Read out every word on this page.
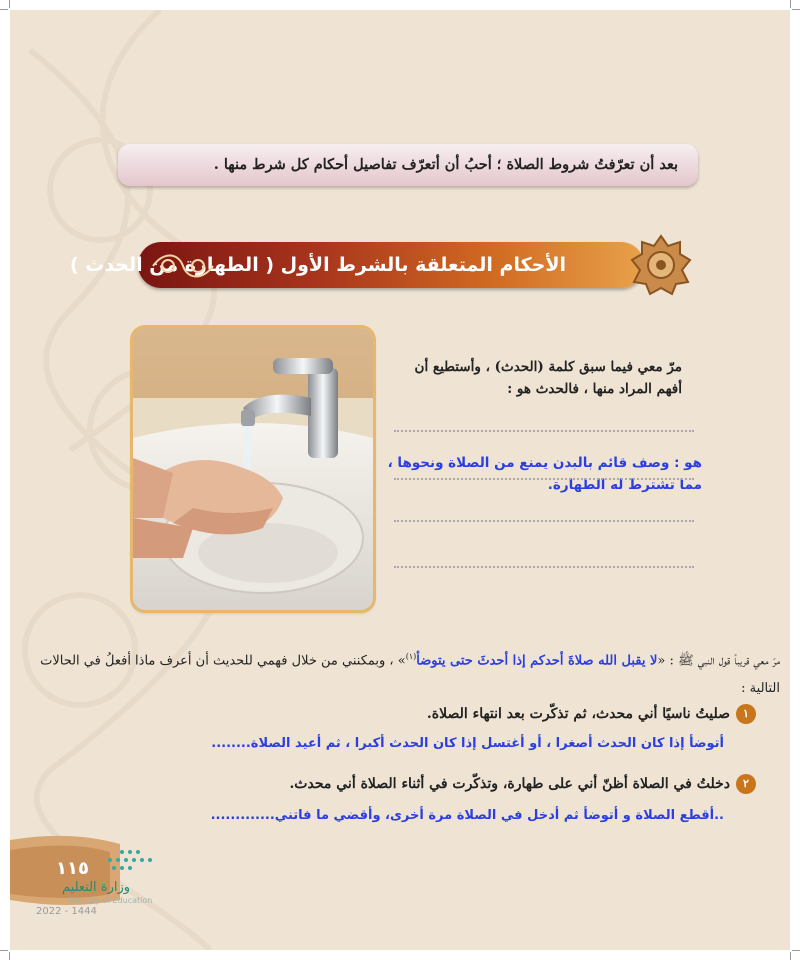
بعد أن تعرّفتُ شروط الصلاة ؛ أحبُ أن أتعرّف تفاصيل أحكام كل شرط منها .
الأحكام المتعلقة بالشرط الأول ( الطهارة من الحدث )
مرّ معي فيما سبق كلمة (الحدث) ، وأستطيع أن أفهم المراد منها ، فالحدث هو :
هو : وصف قائم بالبدن يمنع من الصلاة ونحوها ، مما تشترط له الطهارة.
مرّ معي قريباً قول النبي ﷺ : «لا يقبل الله صلاةَ أحدكم إذا أحدثَ حتى يتوضأ$^{(١)}$» ، وبمكنني من خلال فهمي للحديث أن أعرف ماذا أفعلُ في الحالات التالية :
١صليتُ ناسيًا أني محدث، ثم تذكّرت بعد انتهاء الصلاة.
أتوضأ إذا كان الحدث أصغرا ، أو أغتسل إذا كان الحدث أكبرا ، ثم أعيد الصلاة........
٢دخلتُ في الصلاة أظنّ أني على طهارة، وتذكّرت في أثناء الصلاة أني محدث.
..أقطع الصلاة و أتوضأ ثم أدخل في الصلاة مرة أخرى، وأقضي ما فاتني.............
١١٥
وزارة التعليم
Ministry of Education
2022 - 1444
